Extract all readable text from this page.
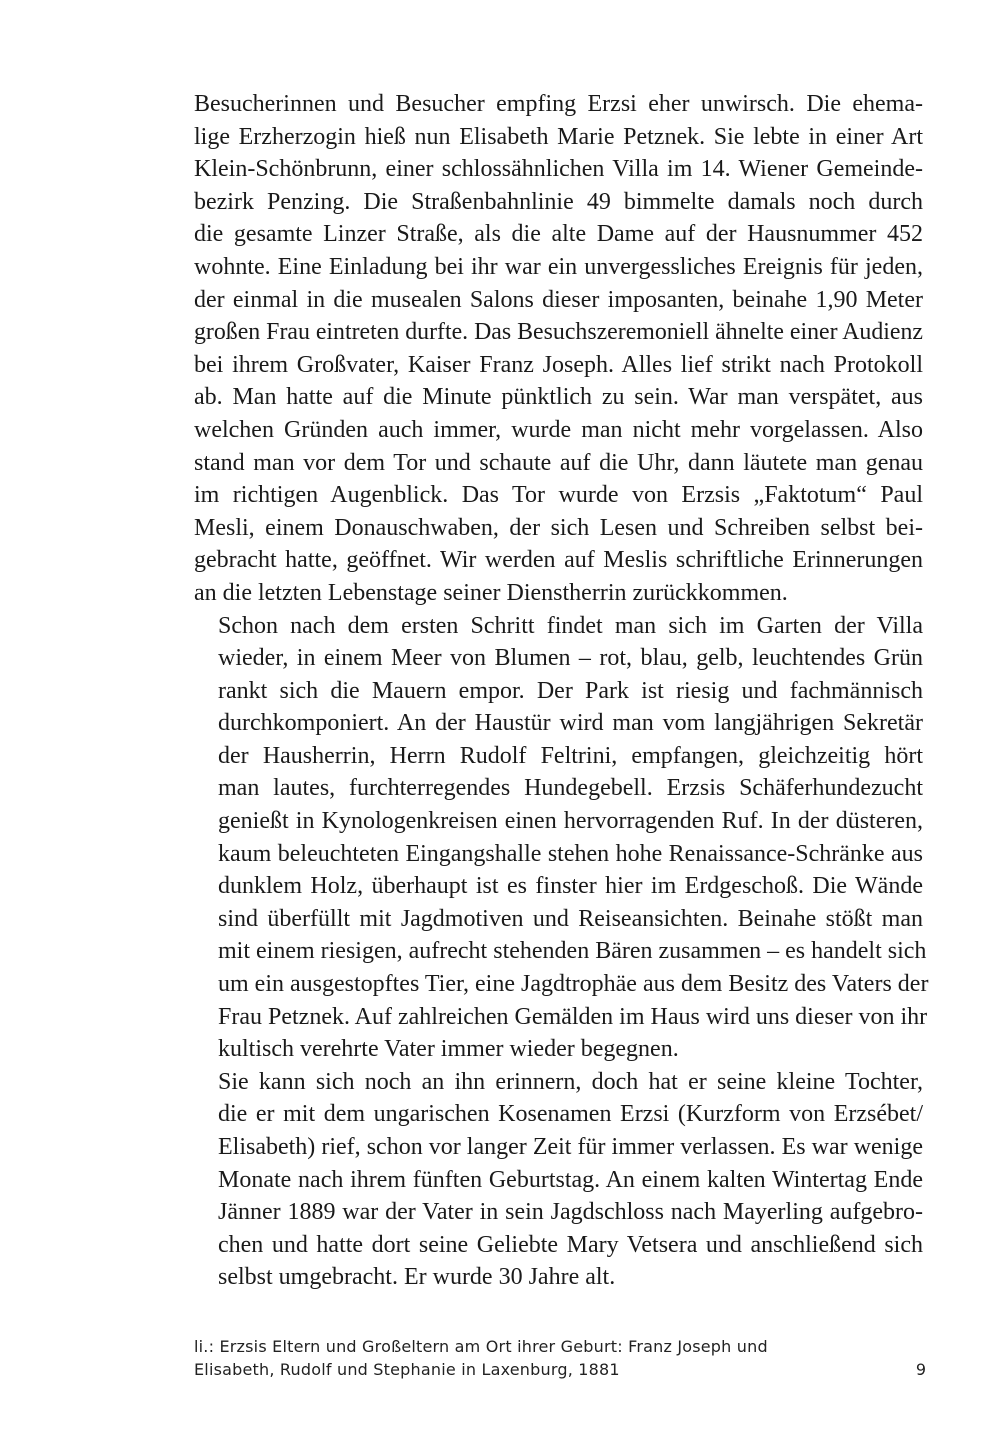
Besucherinnen und Besucher empfing Erzsi eher unwirsch. Die ehema-
lige Erzherzogin hieß nun Elisabeth Marie Petznek. Sie lebte in einer Art
Klein-Schönbrunn, einer schlossähnlichen Villa im 14. Wiener Gemeinde-
bezirk Penzing. Die Straßenbahnlinie 49 bimmelte damals noch durch
die gesamte Linzer Straße, als die alte Dame auf der Hausnummer 452
wohnte. Eine Einladung bei ihr war ein unvergessliches Ereignis für jeden,
der einmal in die musealen Salons dieser imposanten, beinahe 1,90 Meter
großen Frau eintreten durfte. Das Besuchszeremoniell ähnelte einer Audienz
bei ihrem Großvater, Kaiser Franz Joseph. Alles lief strikt nach Protokoll
ab. Man hatte auf die Minute pünktlich zu sein. War man verspätet, aus
welchen Gründen auch immer, wurde man nicht mehr vorgelassen. Also
stand man vor dem Tor und schaute auf die Uhr, dann läutete man genau
im richtigen Augenblick. Das Tor wurde von Erzsis „Faktotum“ Paul
Mesli, einem Donauschwaben, der sich Lesen und Schreiben selbst bei-
gebracht hatte, geöffnet. Wir werden auf Meslis schriftliche Erinnerungen
an die letzten Lebenstage seiner Dienstherrin zurückkommen.

Schon nach dem ersten Schritt findet man sich im Garten der Villa
wieder, in einem Meer von Blumen – rot, blau, gelb, leuchtendes Grün
rankt sich die Mauern empor. Der Park ist riesig und fachmännisch
durchkomponiert. An der Haustür wird man vom langjährigen Sekretär
der Hausherrin, Herrn Rudolf Feltrini, empfangen, gleichzeitig hört
man lautes, furchterregendes Hundegebell. Erzsis Schäferhundezucht
genießt in Kynologenkreisen einen hervorragenden Ruf. In der düsteren,
kaum beleuchteten Eingangshalle stehen hohe Renaissance-Schränke aus
dunklem Holz, überhaupt ist es finster hier im Erdgeschoß. Die Wände
sind überfüllt mit Jagdmotiven und Reiseansichten. Beinahe stößt man
mit einem riesigen, aufrecht stehenden Bären zusammen – es handelt sich
um ein ausgestopftes Tier, eine Jagdtrophäe aus dem Besitz des Vaters der
Frau Petznek. Auf zahlreichen Gemälden im Haus wird uns dieser von ihr
kultisch verehrte Vater immer wieder begegnen.

Sie kann sich noch an ihn erinnern, doch hat er seine kleine Tochter,
die er mit dem ungarischen Kosenamen Erzsi (Kurzform von Erzsébet/
Elisabeth) rief, schon vor langer Zeit für immer verlassen. Es war wenige
Monate nach ihrem fünften Geburtstag. An einem kalten Wintertag Ende
Jänner 1889 war der Vater in sein Jagdschloss nach Mayerling aufgebro-
chen und hatte dort seine Geliebte Mary Vetsera und anschließend sich
selbst umgebracht. Er wurde 30 Jahre alt.

li.: Erzsis Eltern und Großeltern am Ort ihrer Geburt: Franz Joseph und
Elisabeth, Rudolf und Stephanie in Laxenburg, 1881	9
